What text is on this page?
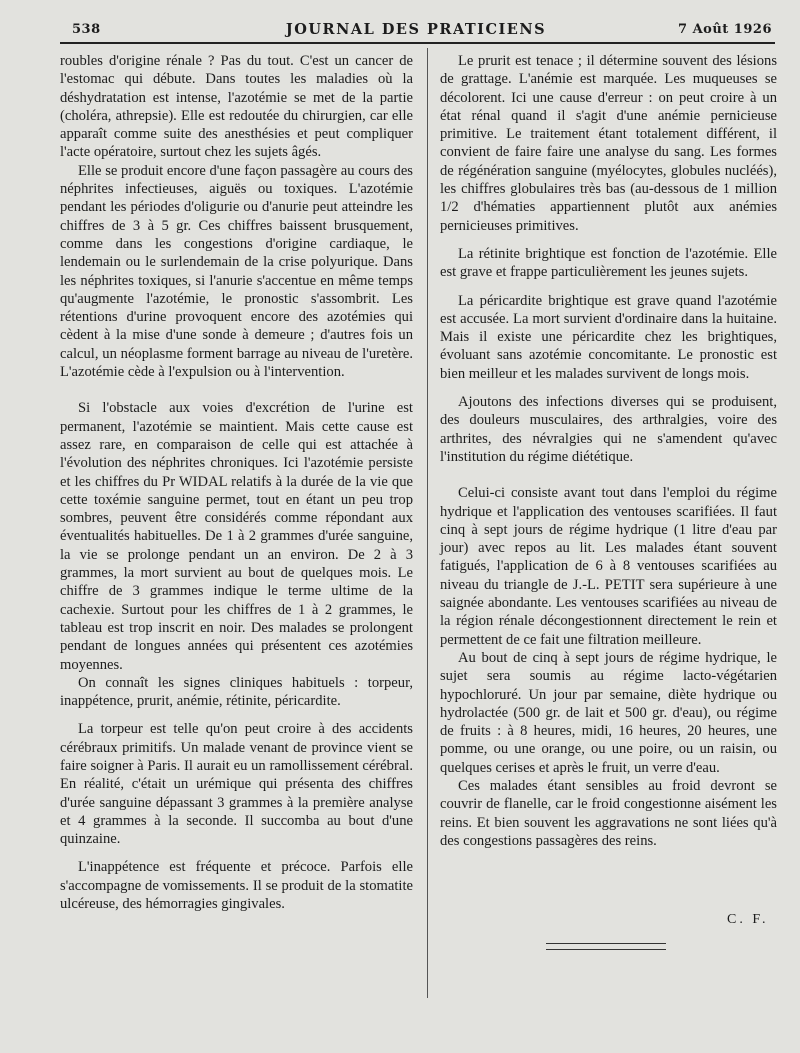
538	JOURNAL DES PRATICIENS	7 Août 1926

roubles d'origine rénale ? Pas du tout. C'est un cancer de l'estomac qui débute. Dans toutes les maladies où la déshydratation est intense, l'azotémie se met de la partie (choléra, athrepsie). Elle est redoutée du chirurgien, car elle apparaît comme suite des anesthésies et peut compliquer l'acte opératoire, surtout chez les sujets âgés.

Elle se produit encore d'une façon passagère au cours des néphrites infectieuses, aiguës ou toxiques. L'azotémie pendant les périodes d'oligurie ou d'anurie peut atteindre les chiffres de 3 à 5 gr. Ces chiffres baissent brusquement, comme dans les congestions d'origine cardiaque, le lendemain ou le surlendemain de la crise polyurique. Dans les néphrites toxiques, si l'anurie s'accentue en même temps qu'augmente l'azotémie, le pronostic s'assombrit. Les rétentions d'urine provoquent encore des azotémies qui cèdent à la mise d'une sonde à demeure ; d'autres fois un calcul, un néoplasme forment barrage au niveau de l'uretère. L'azotémie cède à l'expulsion ou à l'intervention.

Si l'obstacle aux voies d'excrétion de l'urine est permanent, l'azotémie se maintient. Mais cette cause est assez rare, en comparaison de celle qui est attachée à l'évolution des néphrites chroniques. Ici l'azotémie persiste et les chiffres du Pr WIDAL relatifs à la durée de la vie que cette toxémie sanguine permet, tout en étant un peu trop sombres, peuvent être considérés comme répondant aux éventualités habituelles. De 1 à 2 grammes d'urée sanguine, la vie se prolonge pendant un an environ. De 2 à 3 grammes, la mort survient au bout de quelques mois. Le chiffre de 3 grammes indique le terme ultime de la cachexie. Surtout pour les chiffres de 1 à 2 grammes, le tableau est trop inscrit en noir. Des malades se prolongent pendant de longues années qui présentent ces azotémies moyennes.

On connaît les signes cliniques habituels : torpeur, inappétence, prurit, anémie, rétinite, péricardite.

La torpeur est telle qu'on peut croire à des accidents cérébraux primitifs. Un malade venant de province vient se faire soigner à Paris. Il aurait eu un ramollissement cérébral. En réalité, c'était un urémique qui présenta des chiffres d'urée sanguine dépassant 3 grammes à la première analyse et 4 grammes à la seconde. Il succomba au bout d'une quinzaine.

L'inappétence est fréquente et précoce. Parfois elle s'accompagne de vomissements. Il se produit de la stomatite ulcéreuse, des hémorragies gingivales.

Le prurit est tenace ; il détermine souvent des lésions de grattage. L'anémie est marquée. Les muqueuses se décolorent. Ici une cause d'erreur : on peut croire à un état rénal quand il s'agit d'une anémie pernicieuse primitive. Le traitement étant totalement différent, il convient de faire faire une analyse du sang. Les formes de régénération sanguine (myélocytes, globules nucléés), les chiffres globulaires très bas (au-dessous de 1 million 1/2 d'hématies appartiennent plutôt aux anémies pernicieuses primitives.

La rétinite brightique est fonction de l'azotémie. Elle est grave et frappe particulièrement les jeunes sujets.

La péricardite brightique est grave quand l'azotémie est accusée. La mort survient d'ordinaire dans la huitaine. Mais il existe une péricardite chez les brightiques, évoluant sans azotémie concomitante. Le pronostic est bien meilleur et les malades survivent de longs mois.

Ajoutons des infections diverses qui se produisent, des douleurs musculaires, des arthralgies, voire des arthrites, des névralgies qui ne s'amendent qu'avec l'institution du régime diététique.

Celui-ci consiste avant tout dans l'emploi du régime hydrique et l'application des ventouses scarifiées. Il faut cinq à sept jours de régime hydrique (1 litre d'eau par jour) avec repos au lit. Les malades étant souvent fatigués, l'application de 6 à 8 ventouses scarifiées au niveau du triangle de J.-L. PETIT sera supérieure à une saignée abondante. Les ventouses scarifiées au niveau de la région rénale décongestionnent directement le rein et permettent de ce fait une filtration meilleure.

Au bout de cinq à sept jours de régime hydrique, le sujet sera soumis au régime lacto-végétarien hypochloruré. Un jour par semaine, diète hydrique ou hydrolactée (500 gr. de lait et 500 gr. d'eau), ou régime de fruits : à 8 heures, midi, 16 heures, 20 heures, une pomme, ou une orange, ou une poire, ou un raisin, ou quelques cerises et après le fruit, un verre d'eau.

Ces malades étant sensibles au froid devront se couvrir de flanelle, car le froid congestionne aisément les reins. Et bien souvent les aggravations ne sont liées qu'à des congestions passagères des reins.

C. F.
